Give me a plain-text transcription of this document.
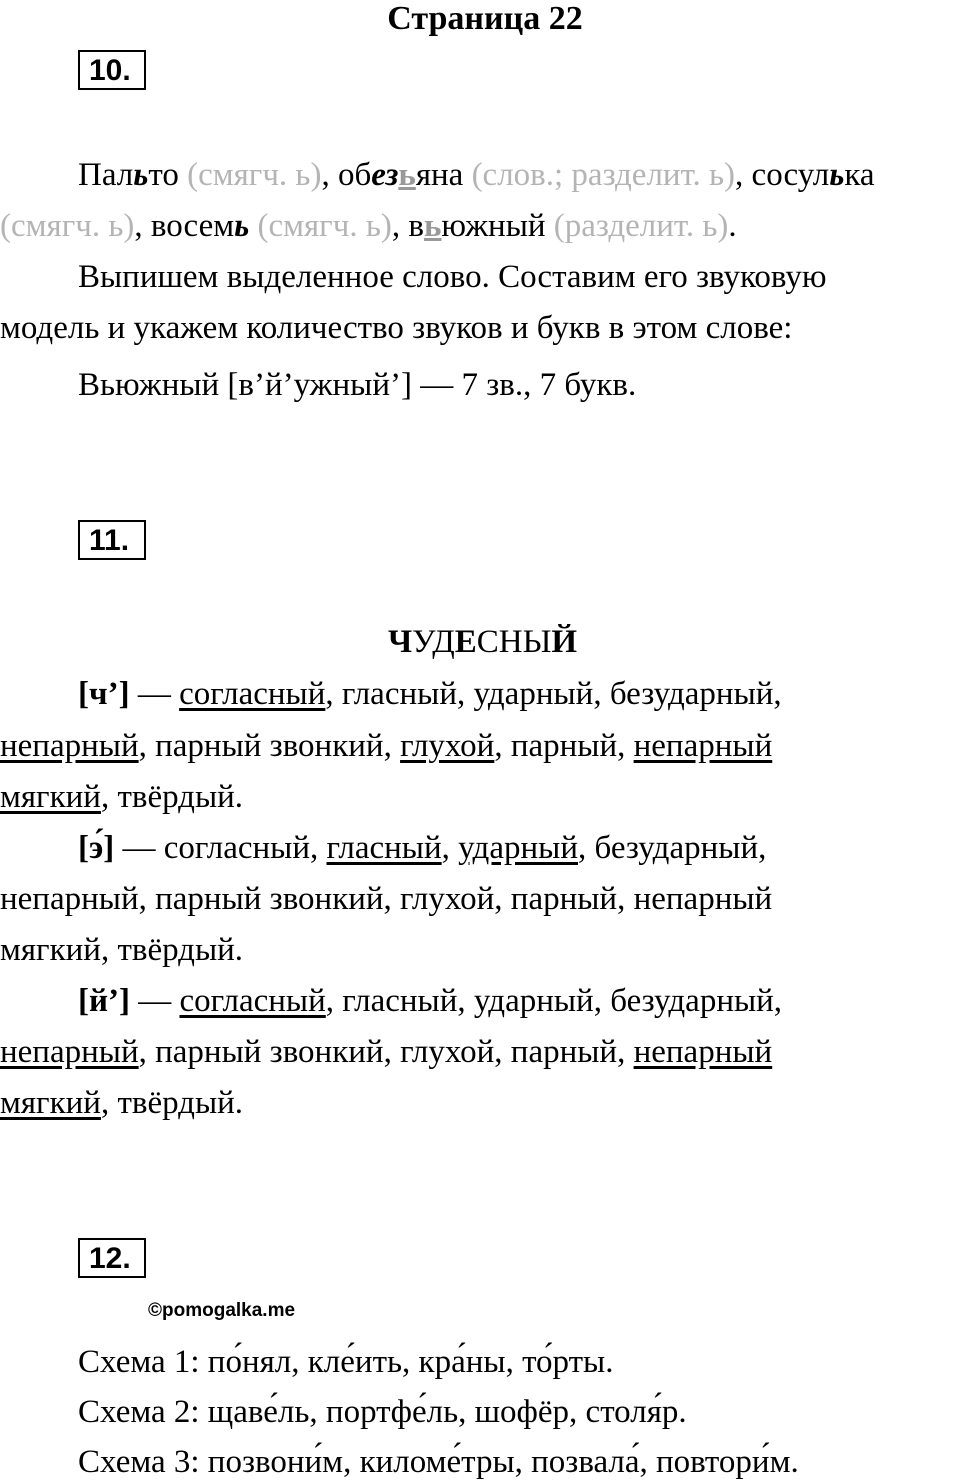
Страница 22
10.
Пальто (смягч. ь), обезьяна (слов.; разделит. ь), сосулька
(смягч. ь), восемь (смягч. ь), вьюжный (разделит. ь).
Выпишем выделенное слово. Составим его звуковую
модель и укажем количество звуков и букв в этом слове:
Вьюжный [в’й’ужный’] — 7 зв., 7 букв.
11.
ЧУДЕСНЫЙ
[ч’] — согласный, гласный, ударный, безударный,
непарный, парный звонкий, глухой, парный, непарный
мягкий, твёрдый.
[э́] — согласный, гласный, ударный, безударный,
непарный, парный звонкий, глухой, парный, непарный
мягкий, твёрдый.
[й’] — согласный, гласный, ударный, безударный,
непарный, парный звонкий, глухой, парный, непарный
мягкий, твёрдый.
12.
©pomogalka.me
Схема 1: по́нял, кле́ить, кра́ны, то́рты.
Схема 2: щаве́ль, портфе́ль, шофёр, столя́р.
Схема 3: позвони́м, киломе́тры, позвала́, повтори́м.
